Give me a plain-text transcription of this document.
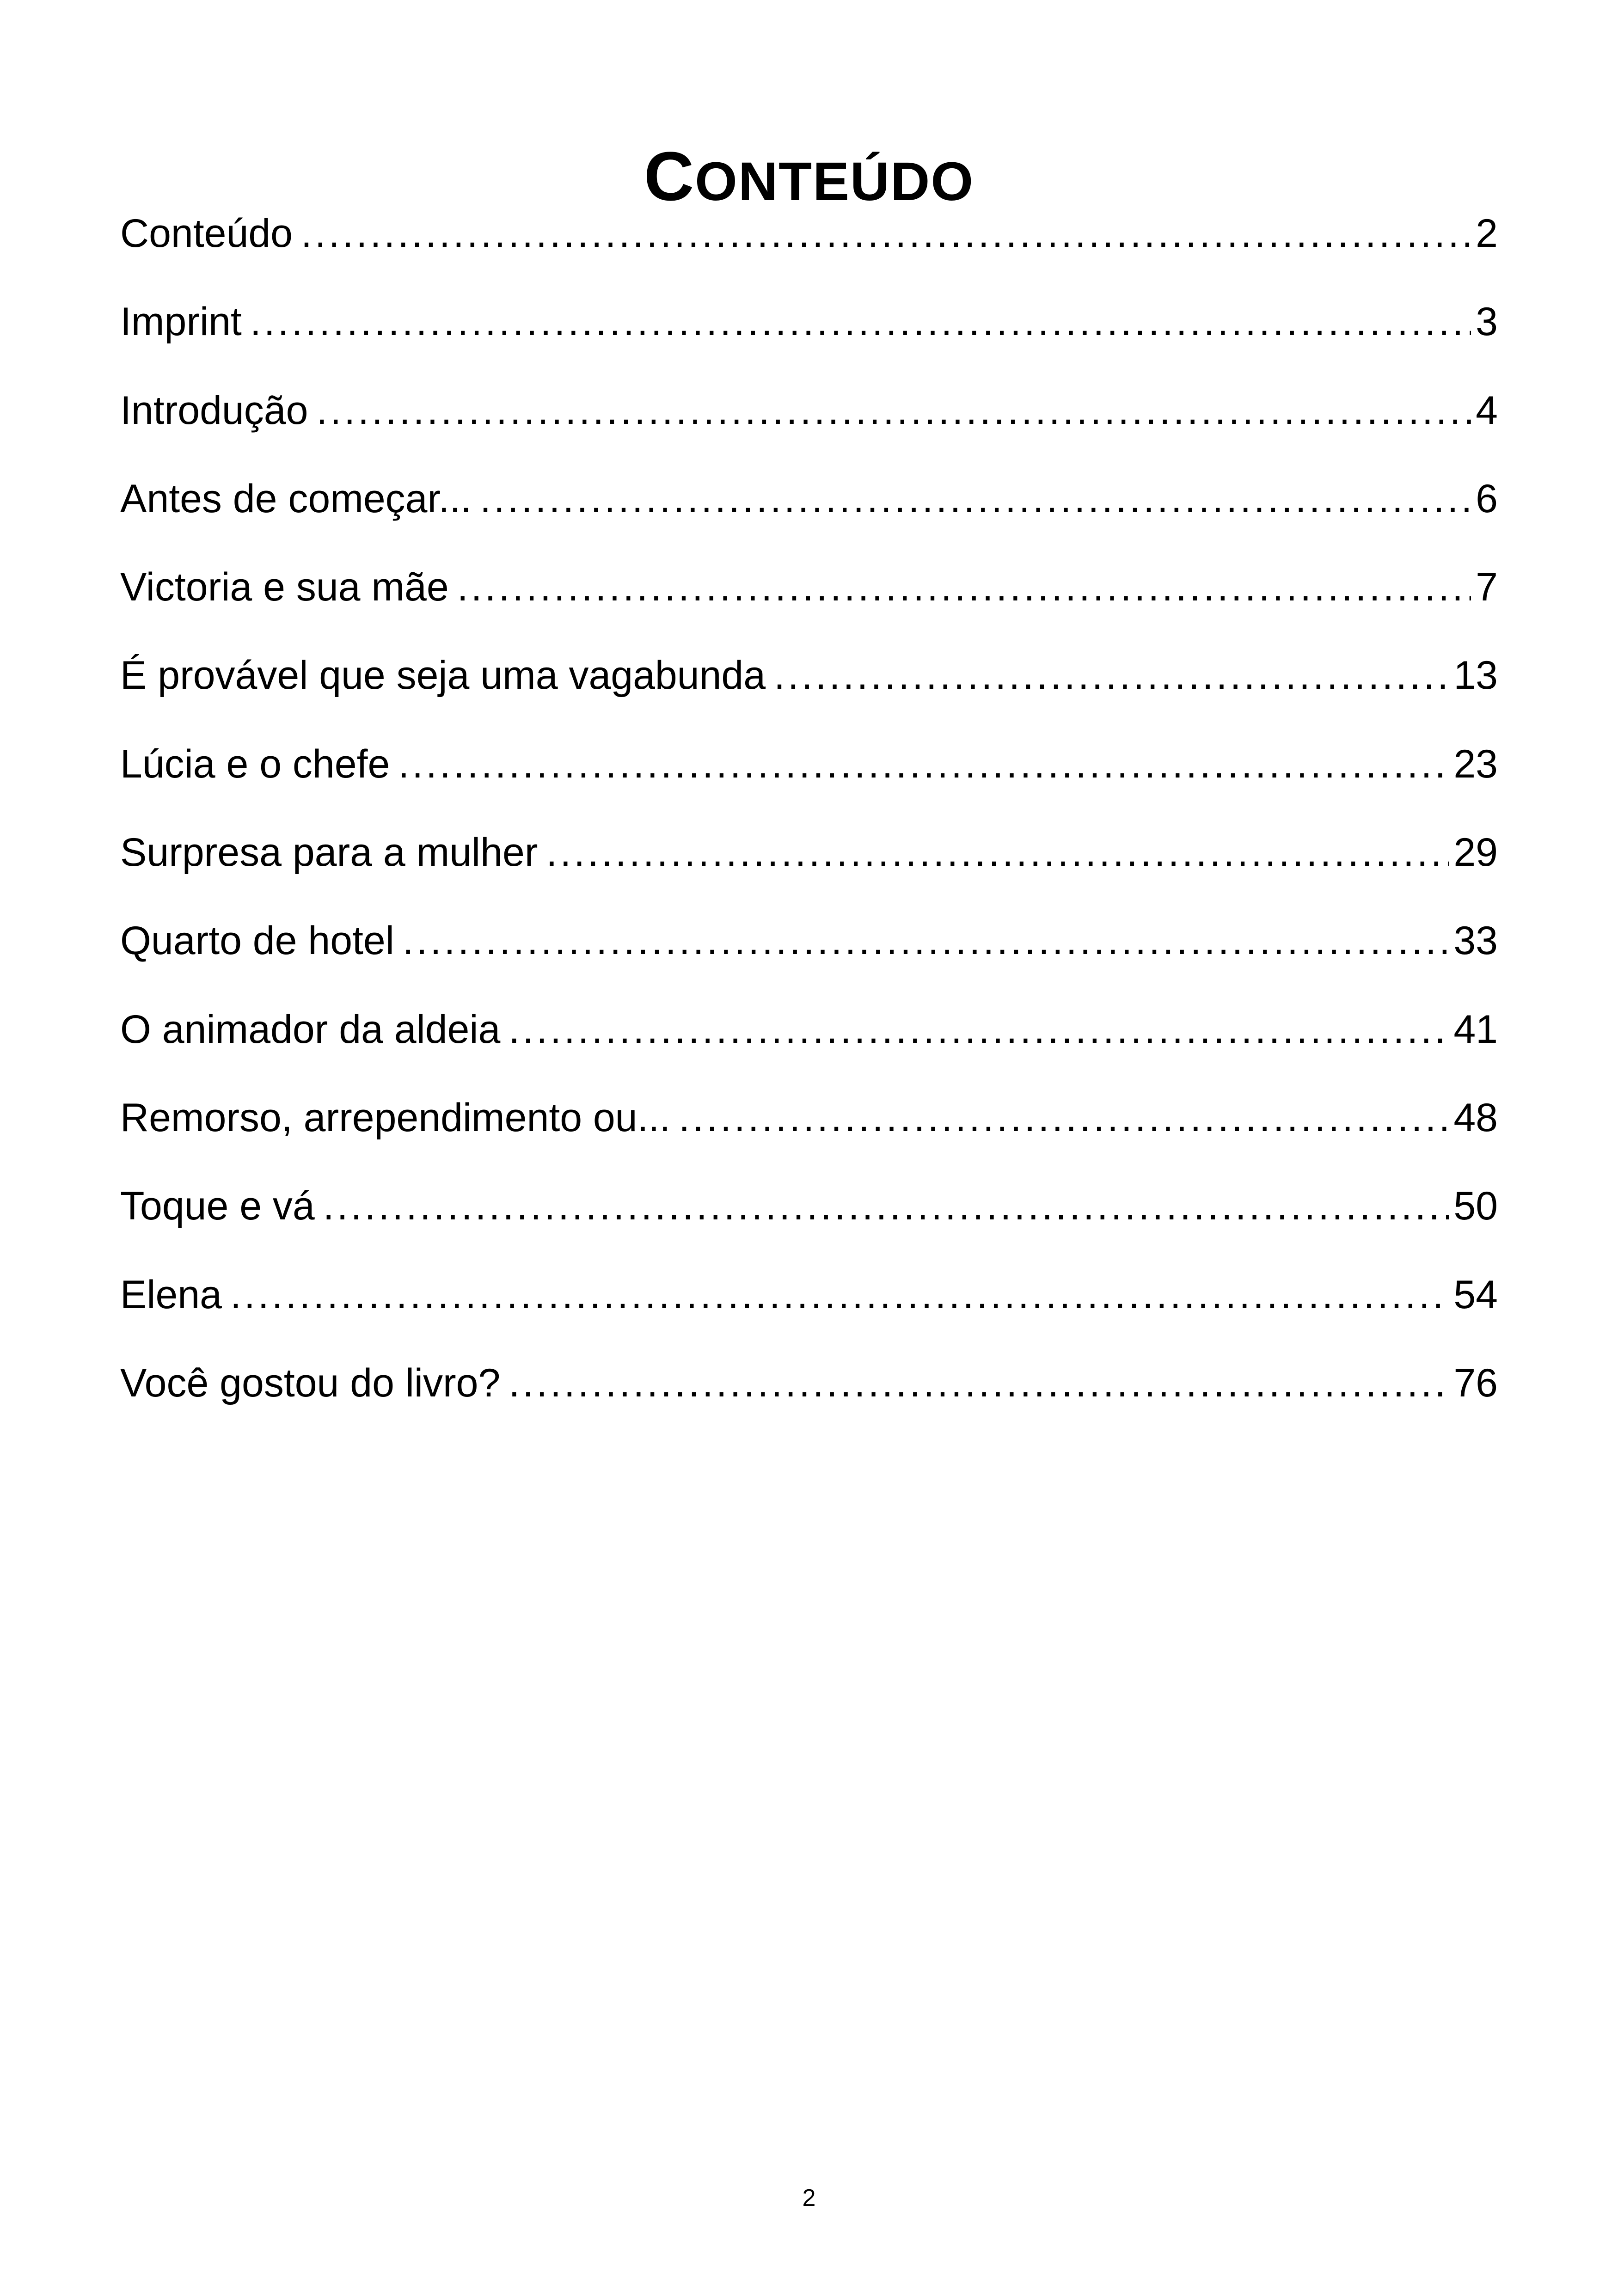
CONTEÚDO
Conteúdo .....	2
Imprint .....	3
Introdução .....	4
Antes de começar... .....	6
Victoria e sua mãe .....	7
É provável que seja uma vagabunda .....	13
Lúcia e o chefe .....	23
Surpresa para a mulher .....	29
Quarto de hotel .....	33
O animador da aldeia .....	41
Remorso, arrependimento ou... .....	48
Toque e vá .....	50
Elena .....	54
Você gostou do livro? .....	76
2
